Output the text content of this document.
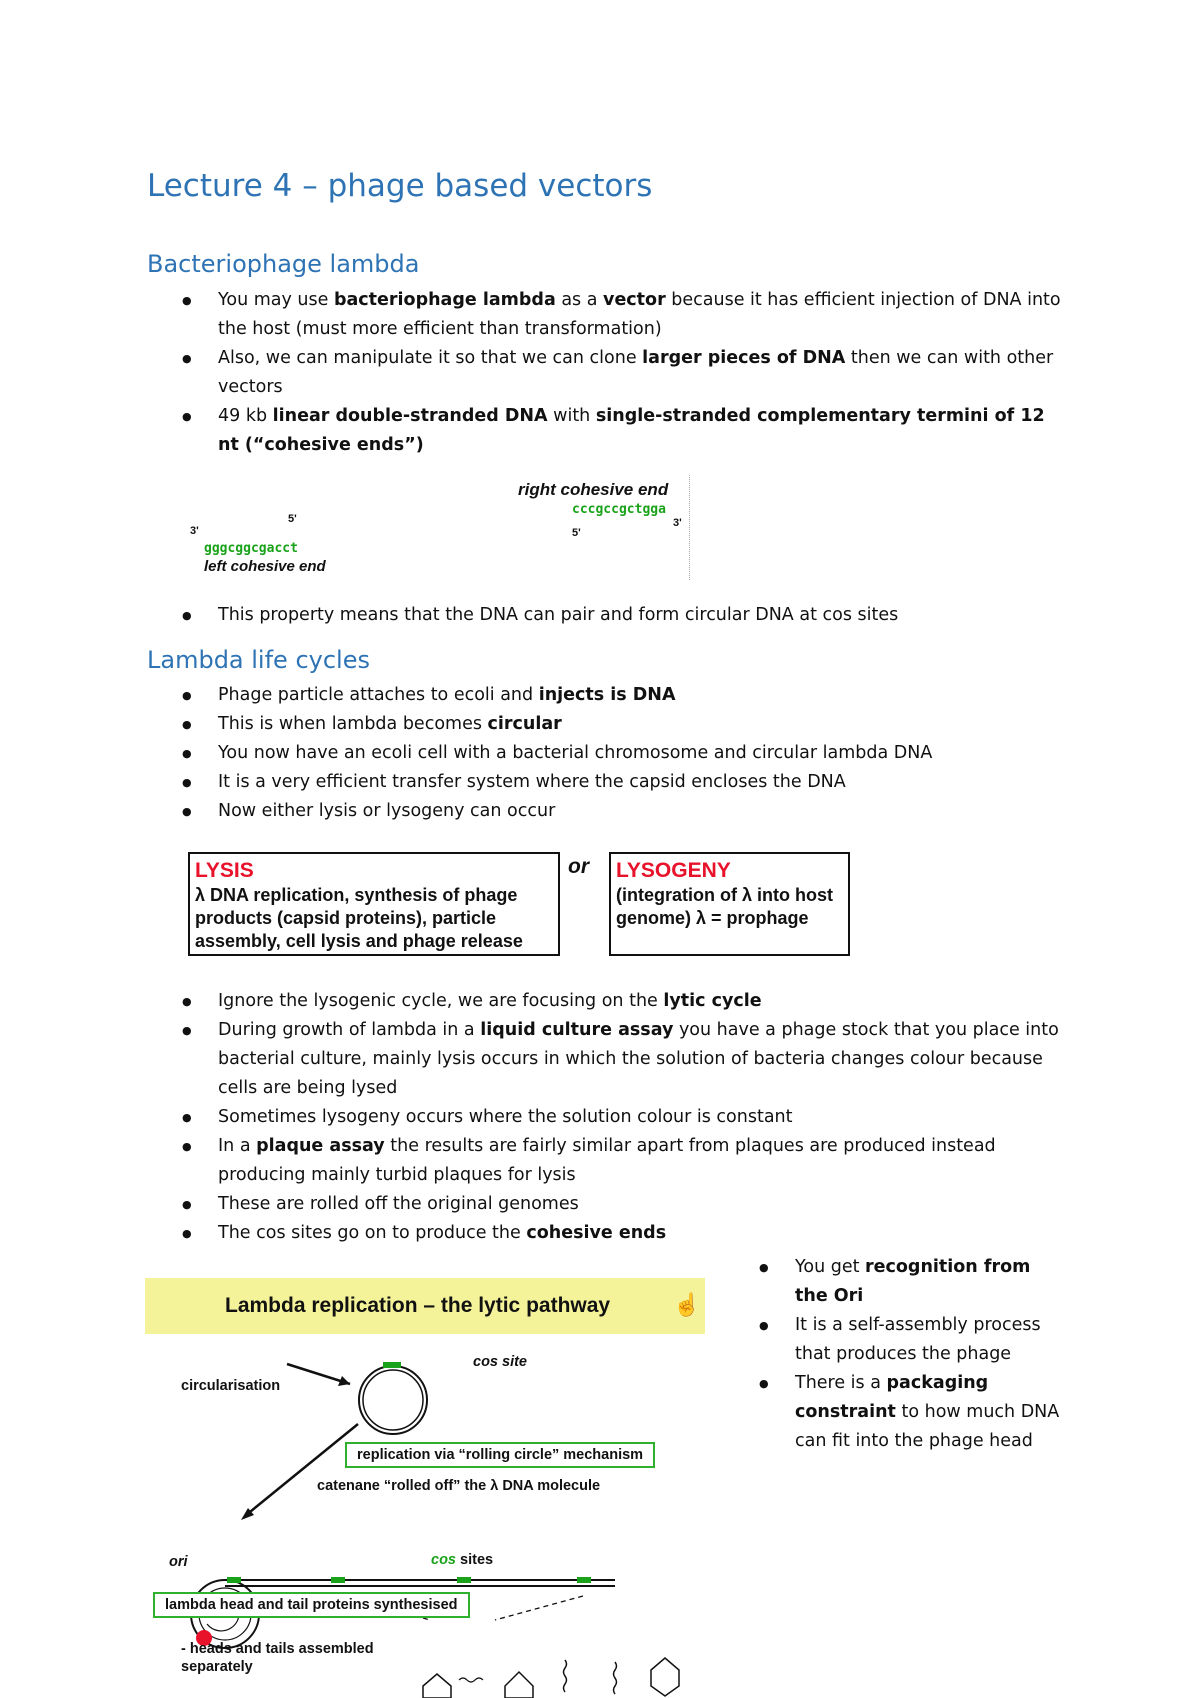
Lecture 4 – phage based vectors
Bacteriophage lambda
● You may use bacteriophage lambda as a vector because it has efficient injection of DNA into the host (must more efficient than transformation)
● Also, we can manipulate it so that we can clone larger pieces of DNA then we can with other vectors
● 49 kb linear double-stranded DNA with single-stranded complementary termini of 12 nt (“cohesive ends”)
right cohesive end
cccgccgctgga
3'
5'
5'
3'
gggcggcgacct
left cohesive end
● This property means that the DNA can pair and form circular DNA at cos sites
Lambda life cycles
● Phage particle attaches to ecoli and injects is DNA
● This is when lambda becomes circular
● You now have an ecoli cell with a bacterial chromosome and circular lambda DNA
● It is a very efficient transfer system where the capsid encloses the DNA
● Now either lysis or lysogeny can occur
LYSIS
λ DNA replication, synthesis of phage products (capsid proteins), particle assembly, cell lysis and phage release
or LYSOGENY
(integration of λ into host genome) λ = prophage
● Ignore the lysogenic cycle, we are focusing on the lytic cycle
● During growth of lambda in a liquid culture assay you have a phage stock that you place into bacterial culture, mainly lysis occurs in which the solution of bacteria changes colour because cells are being lysed
● Sometimes lysogeny occurs where the solution colour is constant
● In a plaque assay the results are fairly similar apart from plaques are produced instead producing mainly turbid plaques for lysis
● These are rolled off the original genomes
● The cos sites go on to produce the cohesive ends
● You get recognition from the Ori
● It is a self-assembly process that produces the phage
● There is a packaging constraint to how much DNA can fit into the phage head
Lambda replication – the lytic pathway	☝
cos site
circularisation
replication via “rolling circle” mechanism
catenane “rolled off” the λ DNA molecule
ori	cos sites
lambda head and tail proteins synthesised
- heads and tails assembled separately
